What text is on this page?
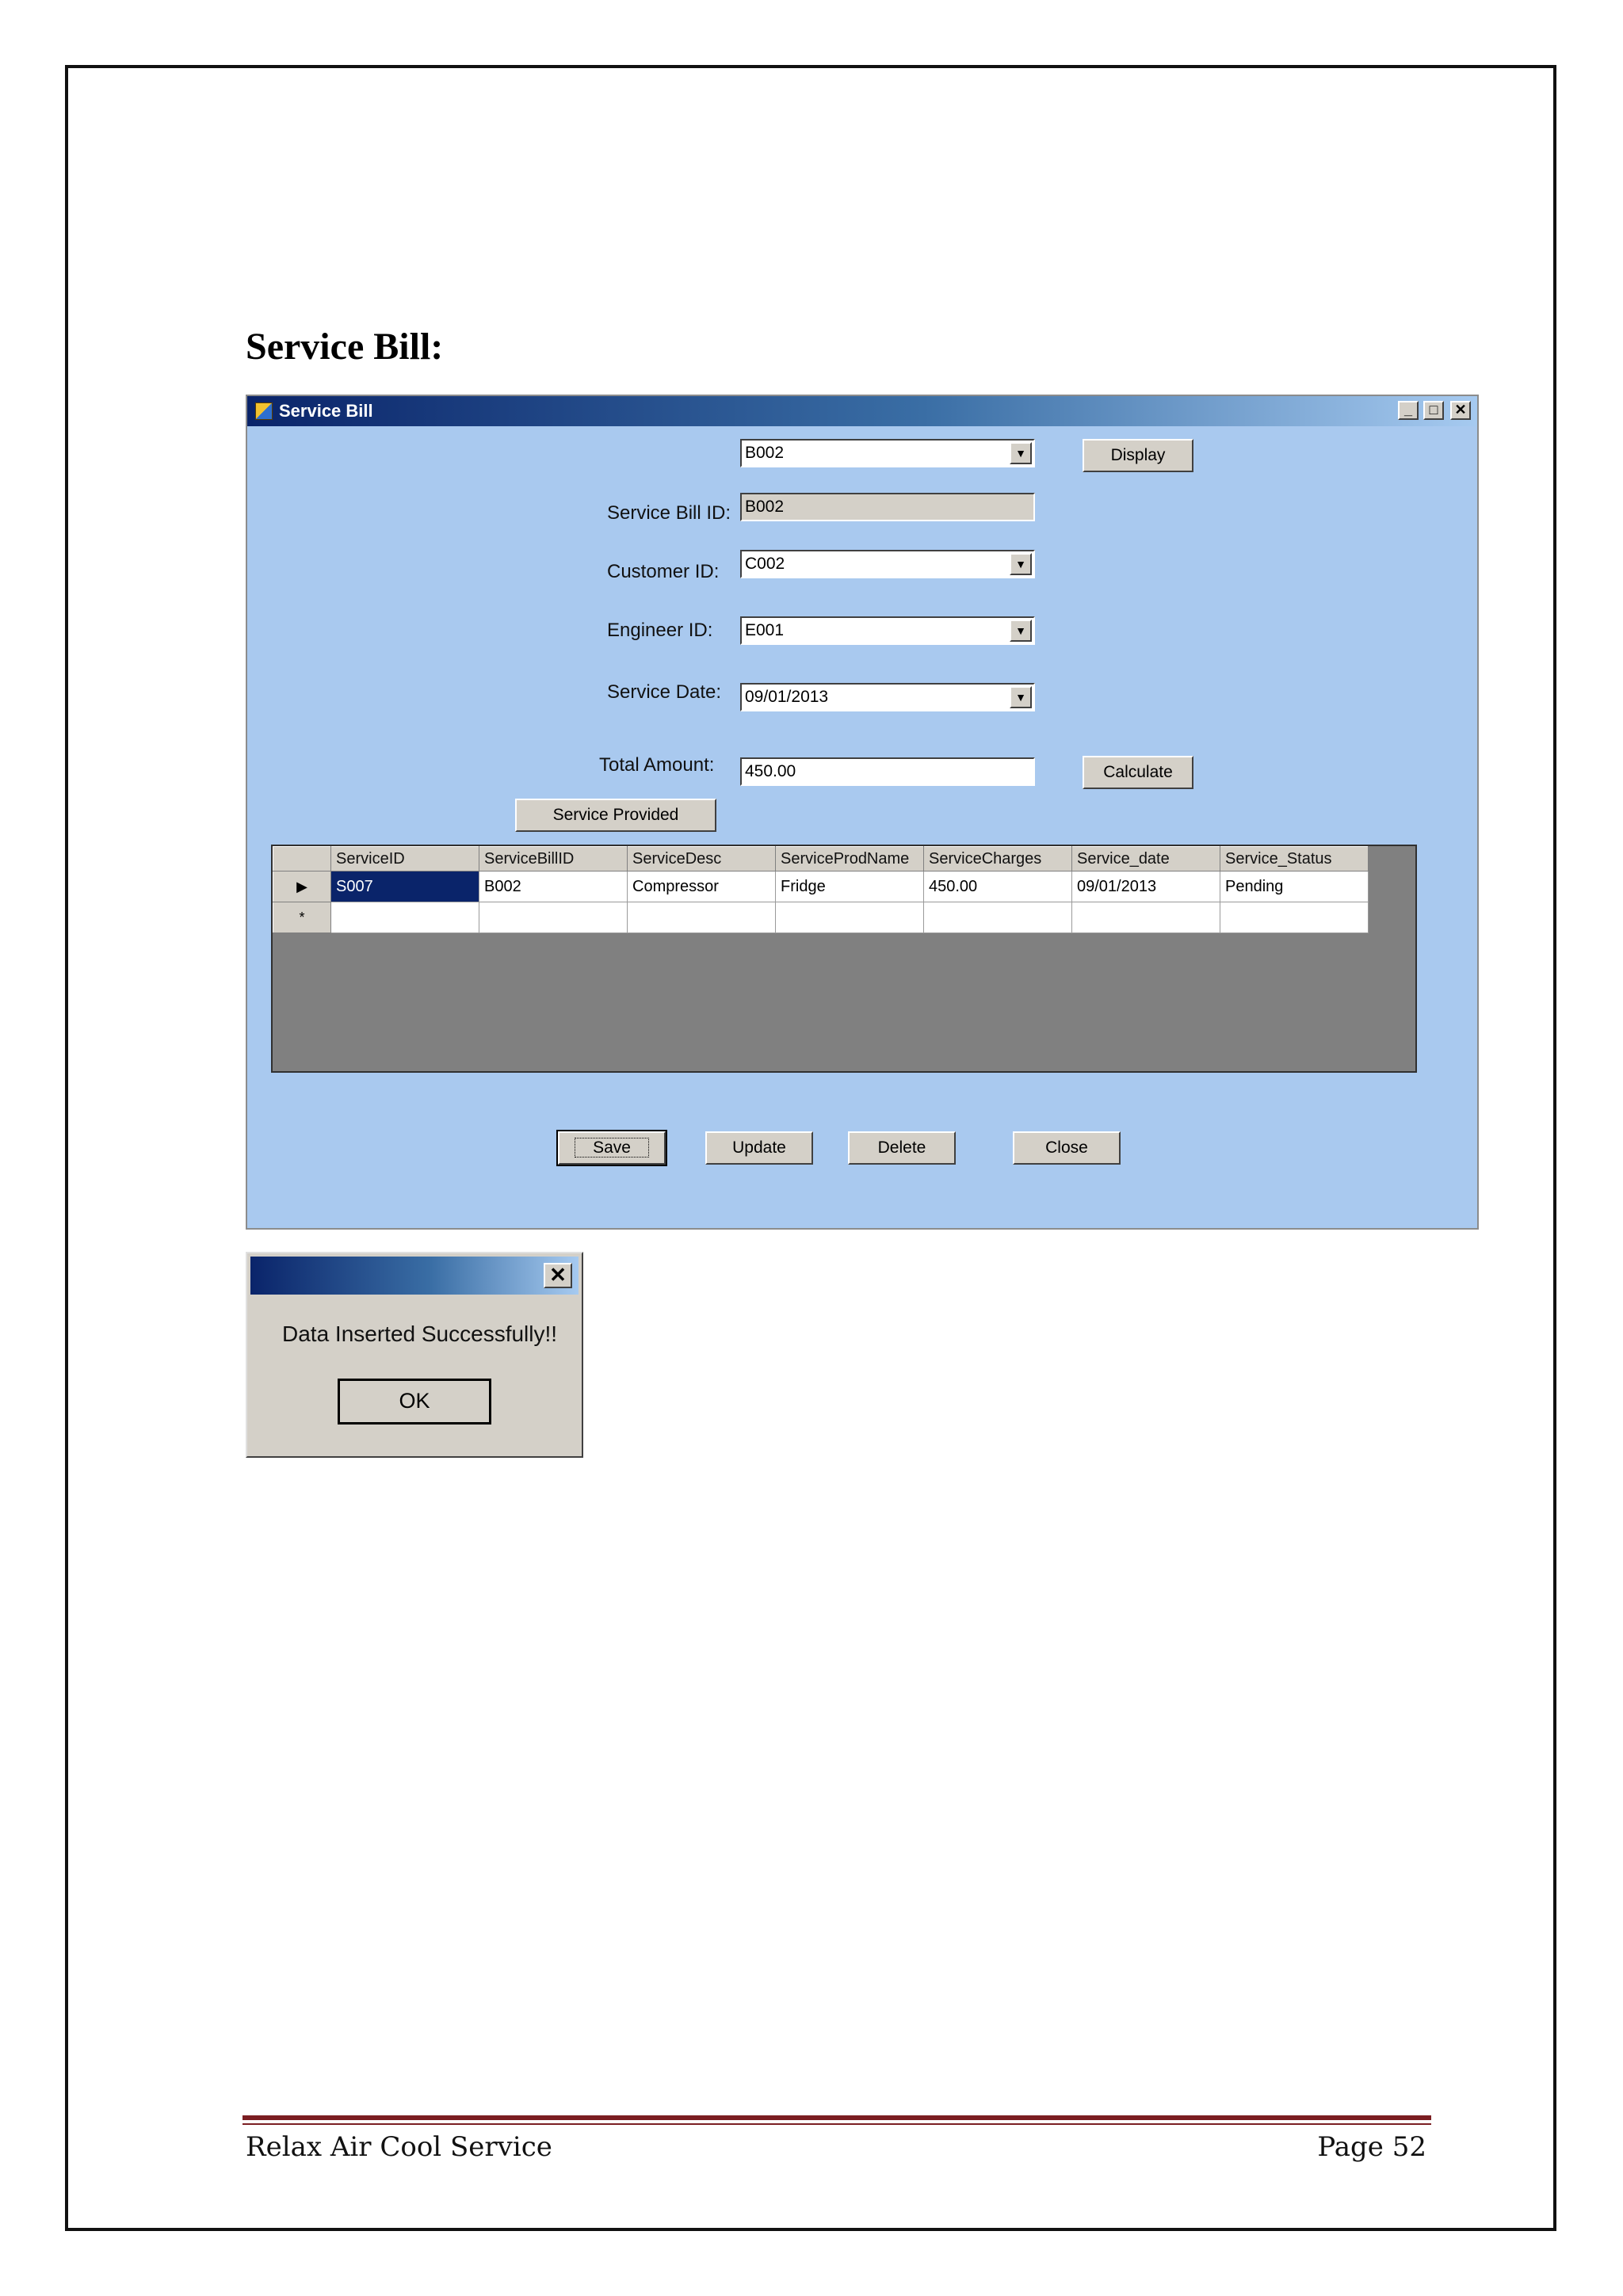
Service Bill:
Service Bill	_	□	✕
B002	▼	Display
Service Bill ID: B002
Customer ID: C002	▼
Engineer ID: E001	▼
Service Date: 09/01/2013	▼
Total Amount: 450.00	Calculate
Service Provided
	ServiceID	ServiceBillID	ServiceDesc	ServiceProdName	ServiceCharges	Service_date	Service_Status
▶	S007	B002	Compressor	Fridge	450.00	09/01/2013	Pending
*							
Save	Update	Delete	Close
✕
Data Inserted Successfully!!
OK
Relax Air Cool Service	Page 52
